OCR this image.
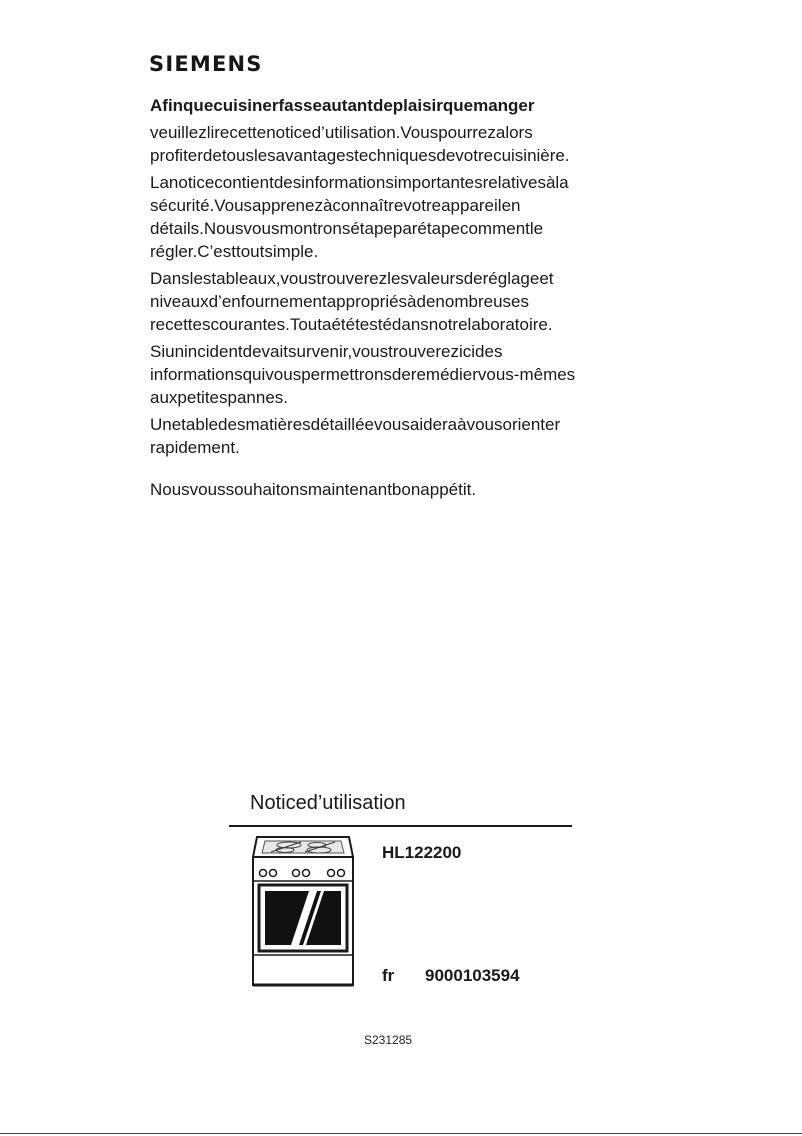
SIEMENS
Afinquecuisinerfasseautantdeplaisirquemanger

veuillezlirecettenoticed’utilisation.Vouspourrezalors profiterdetouslesavantagestechniquesdevotrecuisinière.

Lanoticecontientdesinformationsimportantesrelativesàla sécurité.Vousapprenezàconnaîtrevotreappareilen détails.Nousvousmontronsétapeparétapecommentle régler.C’esttoutsimple.

Danslestableaux,voustrouverezlesvaleursderéglageet niveauxd’enfournementappropriésàdenombreuses recettescourantes.Toutaététestédansnotrelaboratoire.

Siunincidentdevaitsurvenir,voustrouverezicides informationsquivouspermettronsderemédiervous-mêmes auxpetitespannes.

Unetabledesmatièresdétailléevousaideraàvousorienter rapidement.

Nousvoussouhaitonsmaintenantbonappétit.

Noticed’utilisation
HL122200
fr 9000103594
S231285
